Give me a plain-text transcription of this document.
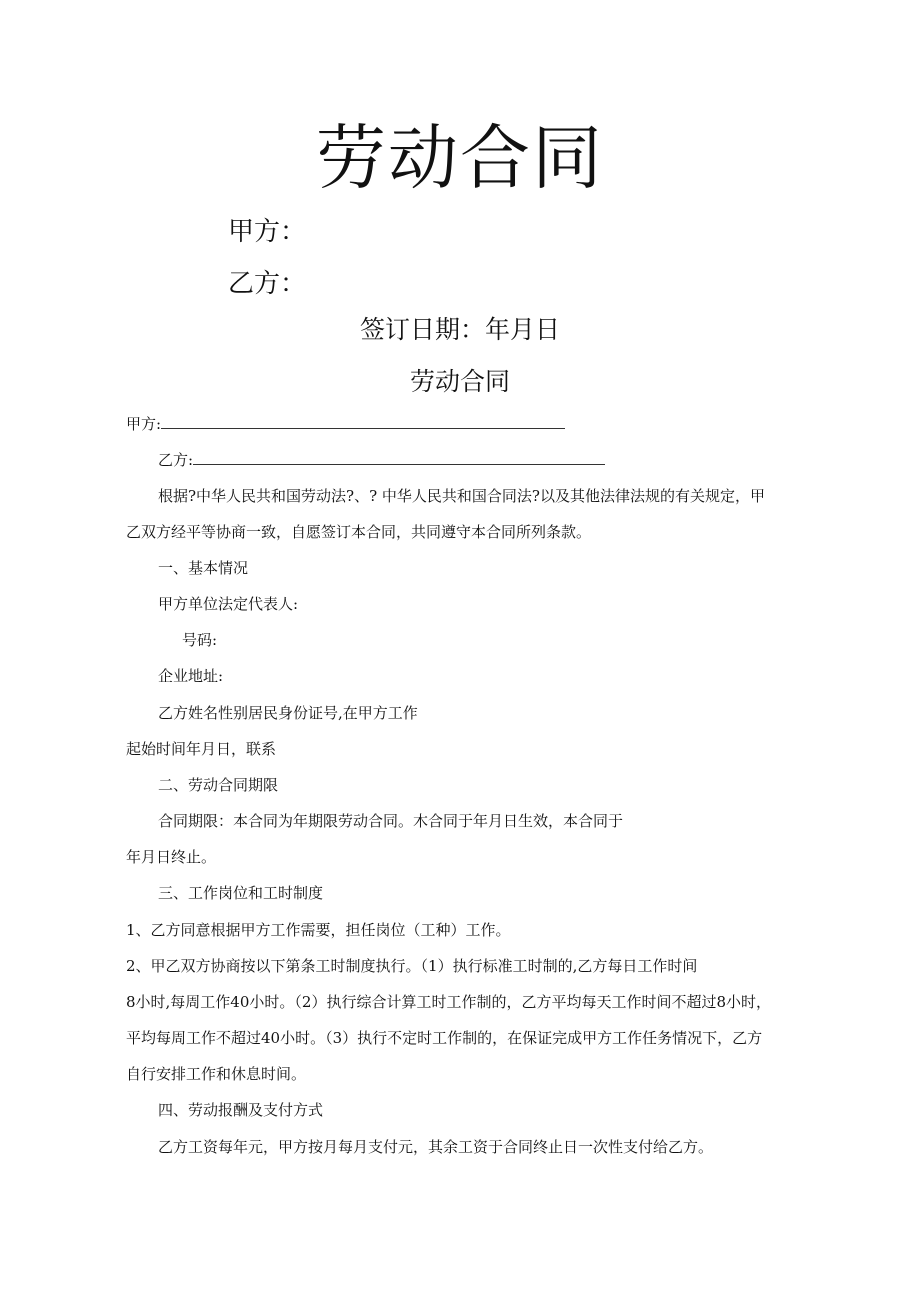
劳动合同
甲方：
乙方：
签订日期：年月日
劳动合同
甲方:
乙方:
根据?中华人民共和国劳动法?、? 中华人民共和国合同法?以及其他法律法规的有关规定，甲
乙双方经平等协商一致，自愿签订本合同，共同遵守本合同所列条款。
一、基本情况
甲方单位法定代表人:
号码:
企业地址:
乙方姓名性别居民身份证号,在甲方工作
起始时间年月日，联系
二、劳动合同期限
合同期限：本合同为年期限劳动合同。木合同于年月日生效，本合同于
年月日终止。
三、工作岗位和工时制度
1、乙方同意根据甲方工作需要，担任岗位（工种）工作。
2、甲乙双方协商按以下第条工时制度执行。（1）执行标准工时制的,乙方每日工作时间
8小时,每周工作40小时。（2）执行综合计算工时工作制的，乙方平均每天工作时间不超过8小时，
平均每周工作不超过40小时。（3）执行不定时工作制的，在保证完成甲方工作任务情况下，乙方
自行安排工作和休息时间。
四、劳动报酬及支付方式
乙方工资每年元，甲方按月每月支付元，其余工资于合同终止日一次性支付给乙方。
